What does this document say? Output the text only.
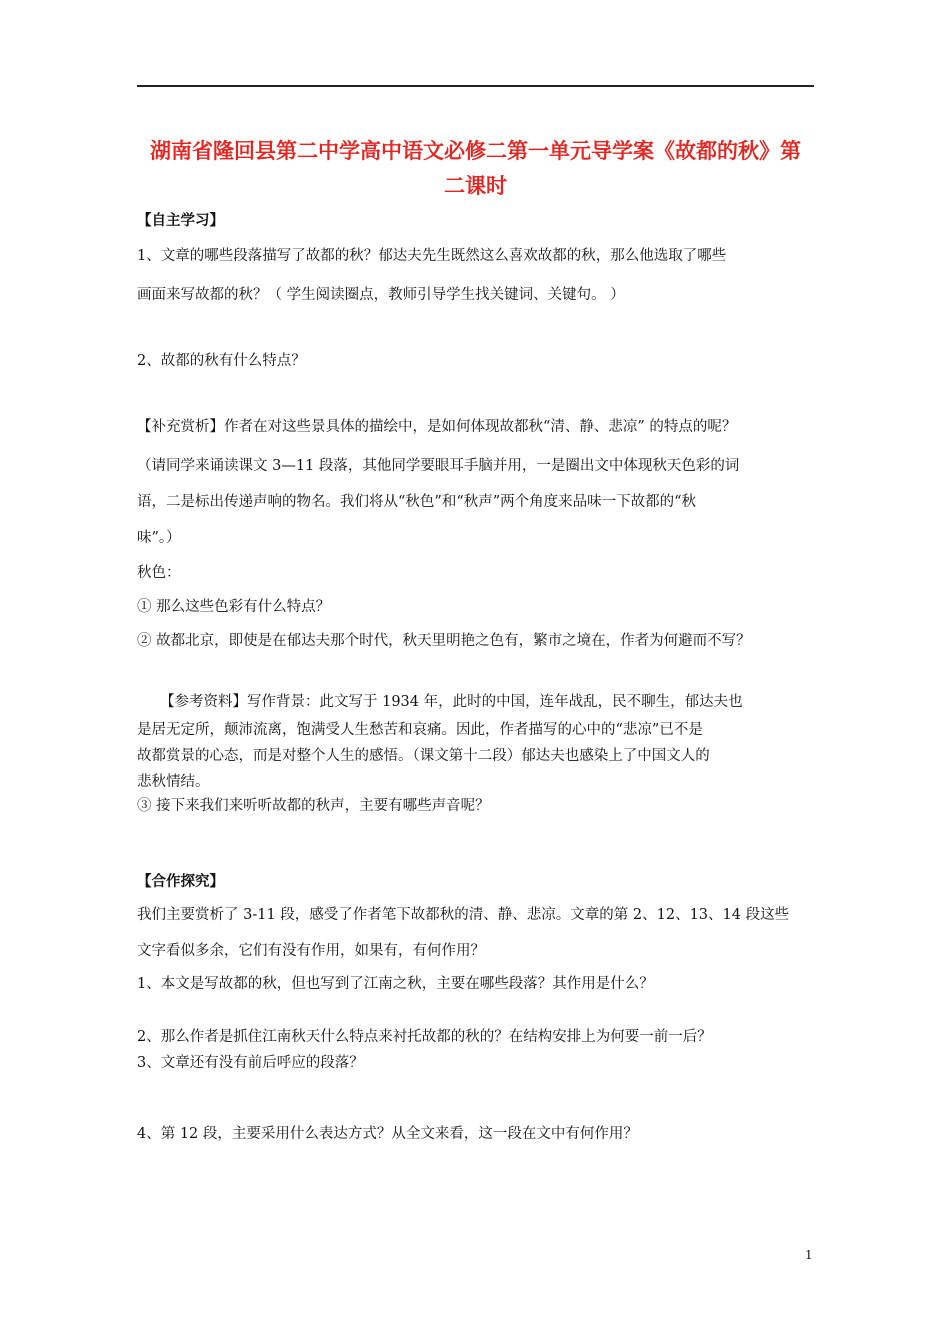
湖南省隆回县第二中学高中语文必修二第一单元导学案《故都的秋》第
二课时
【自主学习】
1、文章的哪些段落描写了故都的秋？郁达夫先生既然这么喜欢故都的秋，那么他选取了哪些
画面来写故都的秋？（ 学生阅读圈点，教师引导学生找关键词、关键句。 ）
2、故都的秋有什么特点？
【补充赏析】作者在对这些景具体的描绘中，是如何体现故都秋“清、静、悲凉” 的特点的呢？
（请同学来诵读课文 3—11 段落，其他同学要眼耳手脑并用，一是圈出文中体现秋天色彩的词
语，二是标出传递声响的物名。我们将从“秋色”和“秋声”两个角度来品味一下故都的“秋
味”。）
秋色：
① 那么这些色彩有什么特点？
② 故都北京，即使是在郁达夫那个时代，秋天里明艳之色有，繁市之境在，作者为何避而不写？
【参考资料】写作背景：此文写于 1934 年，此时的中国，连年战乱，民不聊生，郁达夫也
是居无定所，颠沛流离，饱满受人生愁苦和哀痛。因此，作者描写的心中的“悲凉”已不是
故都赏景的心态，而是对整个人生的感悟。（课文第十二段）郁达夫也感染上了中国文人的
悲秋情结。
③ 接下来我们来听听故都的秋声，主要有哪些声音呢？
【合作探究】
我们主要赏析了 3-11 段，感受了作者笔下故都秋的清、静、悲凉。文章的第 2、12、13、14 段这些
文字看似多余，它们有没有作用，如果有，有何作用？
1、本文是写故都的秋，但也写到了江南之秋，主要在哪些段落？其作用是什么？
2、那么作者是抓住江南秋天什么特点来衬托故都的秋的？在结构安排上为何要一前一后？
3、文章还有没有前后呼应的段落？
4、第 12 段，主要采用什么表达方式？从全文来看，这一段在文中有何作用？
1
